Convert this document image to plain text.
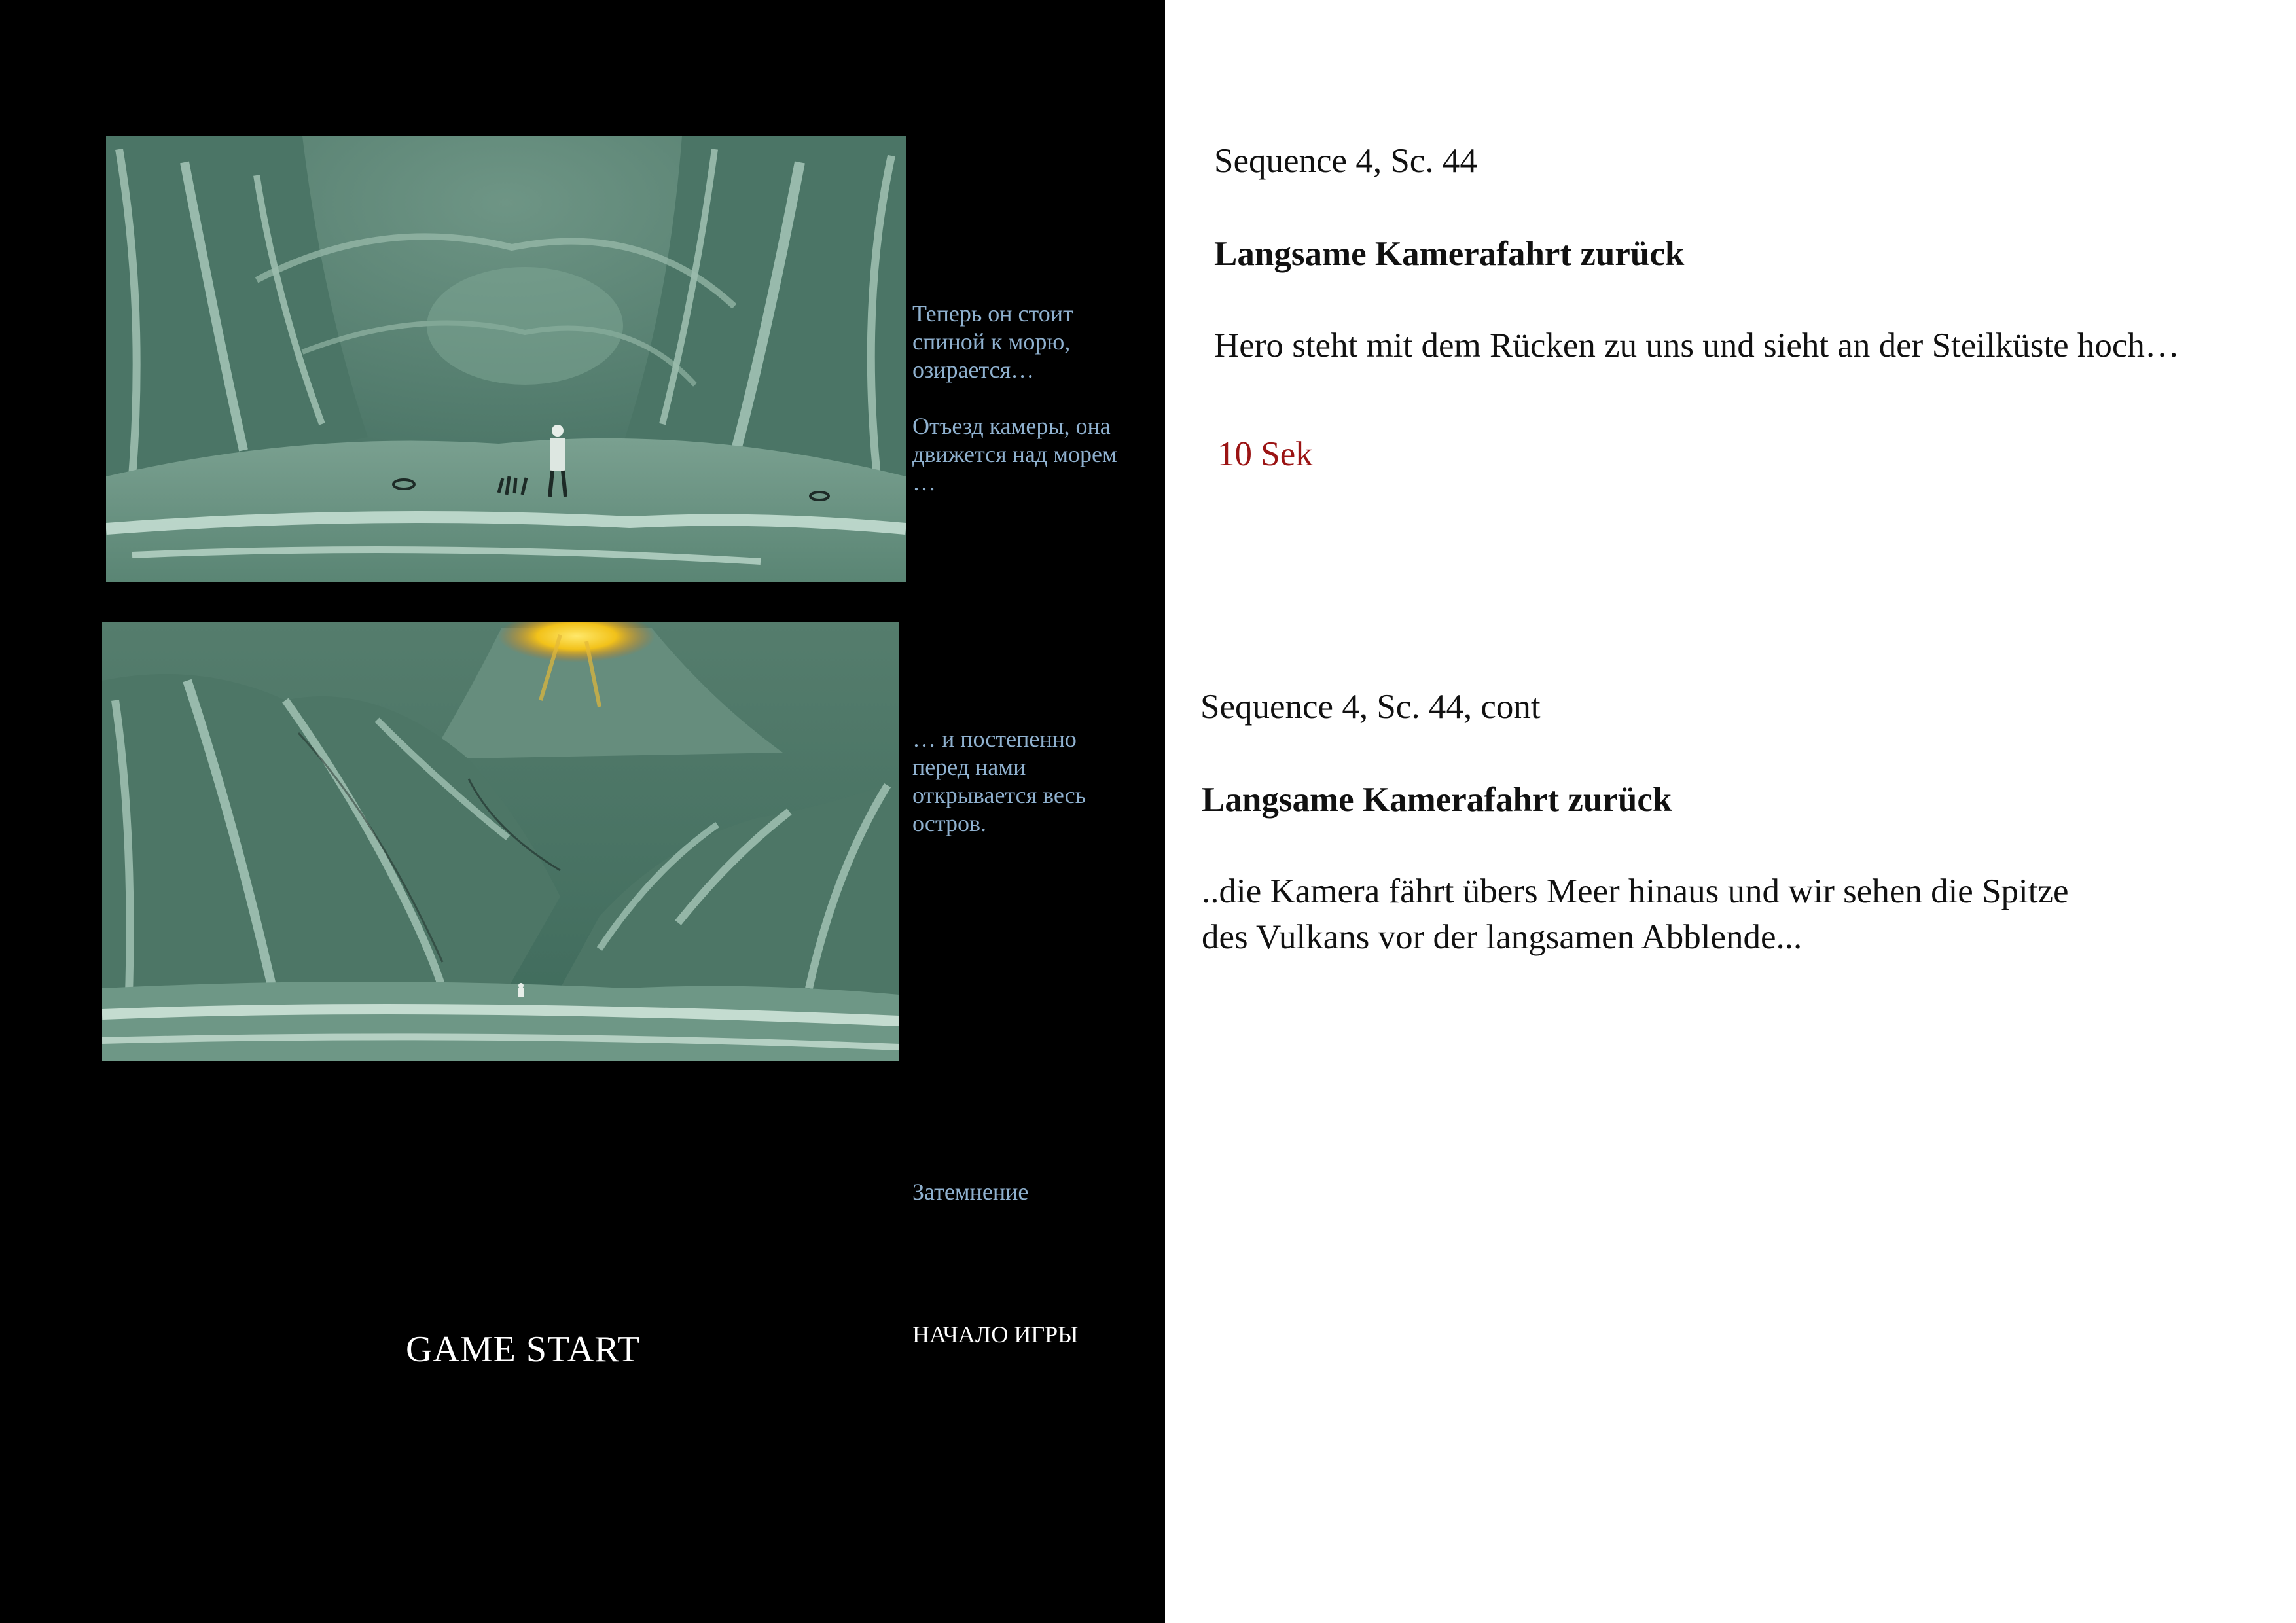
Теперь он стоит
спиной к морю,
озирается…

Отъезд камеры, она
движется над морем
…
… и постепенно
перед нами
открывается весь
остров.
Затемнение
GAME START	НАЧАЛО ИГРЫ
Sequence 4, Sc. 44
Langsame Kamerafahrt zurück
Hero steht mit dem Rücken zu uns und sieht an der Steilküste hoch…
10 Sek
Sequence 4, Sc. 44, cont
Langsame Kamerafahrt zurück
..die Kamera fährt übers Meer hinaus und wir sehen die Spitze
des Vulkans vor der langsamen Abblende...
